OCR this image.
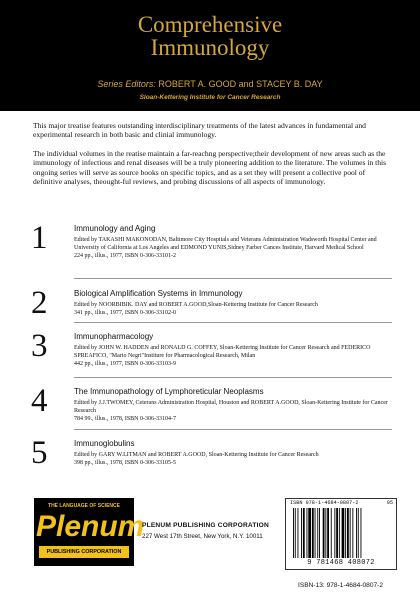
Comprehensive
Immunology
Series Editors: ROBERT A. GOOD and STACEY B. DAY
Sloan-Kettering Institute for Cancer Research

This major treatise features outstanding interdisciplinary treatments of the latest advances in fundamental and experimental research in both basic and clinial immunology.

The individual volumes in the reatise maintain a far-reachng perspective;their development of new areas such as the immunology of infectious and renal diseases will be a truly pioneering addition to the literature. The volumes in this ongoing series will serve as source books on specific topics, and as a set they will present a collective pool of definitive analyses, theought-ful reviews, and probing discussions of all aspects of immunology.

1	Immunology and Aging
Edited by TAKASHI MAKONODAN, Baltimore City Hospitals and Veterans Administration Wadsworth Hospital Center and University of California at Los Angeles and EDMOND YUNIS,Sidney Farber Cances Institute, Harvard Medical School
224 pp., illus., 1977, ISBN 0-306-33101-2
2	Biological Amplification Systems in Immunology
Edited by NOORBIBIK. DAY and ROBERT A.GOOD,Sloan-Kettering Institute for Cancer Research
341 pp., illus., 1977, ISBN 0-306-33102-0
3	Immunopharmacology
Edited by JOHN W. HADDEN and RONALD G. COFFEY, Sloan-Kettering Institute for Cancer Research and FEDERICO SPREAFICO, "Mario Negri"Institure for Pharmacological Research, Milan
442 pp., illus., 1977, ISBN 0-306-33103-9
4	The Immunopathology of Lymphoreticular Neoplasms
Edited by J.J.TWOMEY, Ceterans Administration Hospital, Houston and ROBERT A.GOOD, Sloan-Kettering Institute for Cancer Research
784 99., illus., 1978, ISBN 0-306-33104-7
5	Immunoglobulins
Edited by GARY W.LITMAN and ROBERT A.GOOD, Sloan-Kettering Institute for Cancer Research
398 pp., illus., 1978, ISBN 0-306-33105-5
THE LANGUAGE OF SCIENCE
Plenum
PUBLISHING CORPORATION
PLENUM PUBLISHING CORPORATION
227 West 17th Street, New York, N.Y. 10011
ISBN 978-1-4684-0807-2	05
9 781468 408072
ISBN-13: 978-1-4684-0807-2
